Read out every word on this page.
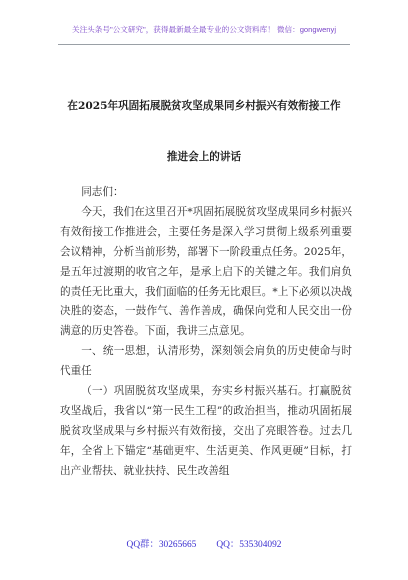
关注头条号"公文研究"，获得最新最全最专业的公文资料库！ 微信：gongwenyj
在2025年巩固拓展脱贫攻坚成果同乡村振兴有效衔接工作
推进会上的讲话

同志们：

今天，我们在这里召开*巩固拓展脱贫攻坚成果同乡村振兴有效衔接工作推进会，主要任务是深入学习贯彻上级系列重要会议精神，分析当前形势，部署下一阶段重点任务。2025年，是五年过渡期的收官之年，是承上启下的关键之年。我们肩负的责任无比重大，我们面临的任务无比艰巨。*上下必须以决战决胜的姿态，一鼓作气、善作善成，确保向党和人民交出一份满意的历史答卷。下面，我讲三点意见。

一、统一思想，认清形势，深刻领会肩负的历史使命与时代重任

（一）巩固脱贫攻坚成果，夯实乡村振兴基石。打赢脱贫攻坚战后，我省以“第一民生工程”的政治担当，推动巩固拓展脱贫攻坚成果与乡村振兴有效衔接，交出了亮眼答卷。过去几年，全省上下锚定“基础更牢、生活更美、作风更硬”目标，打出产业帮扶、就业扶持、民生改善组

QQ群：30265665 QQ：535304092
